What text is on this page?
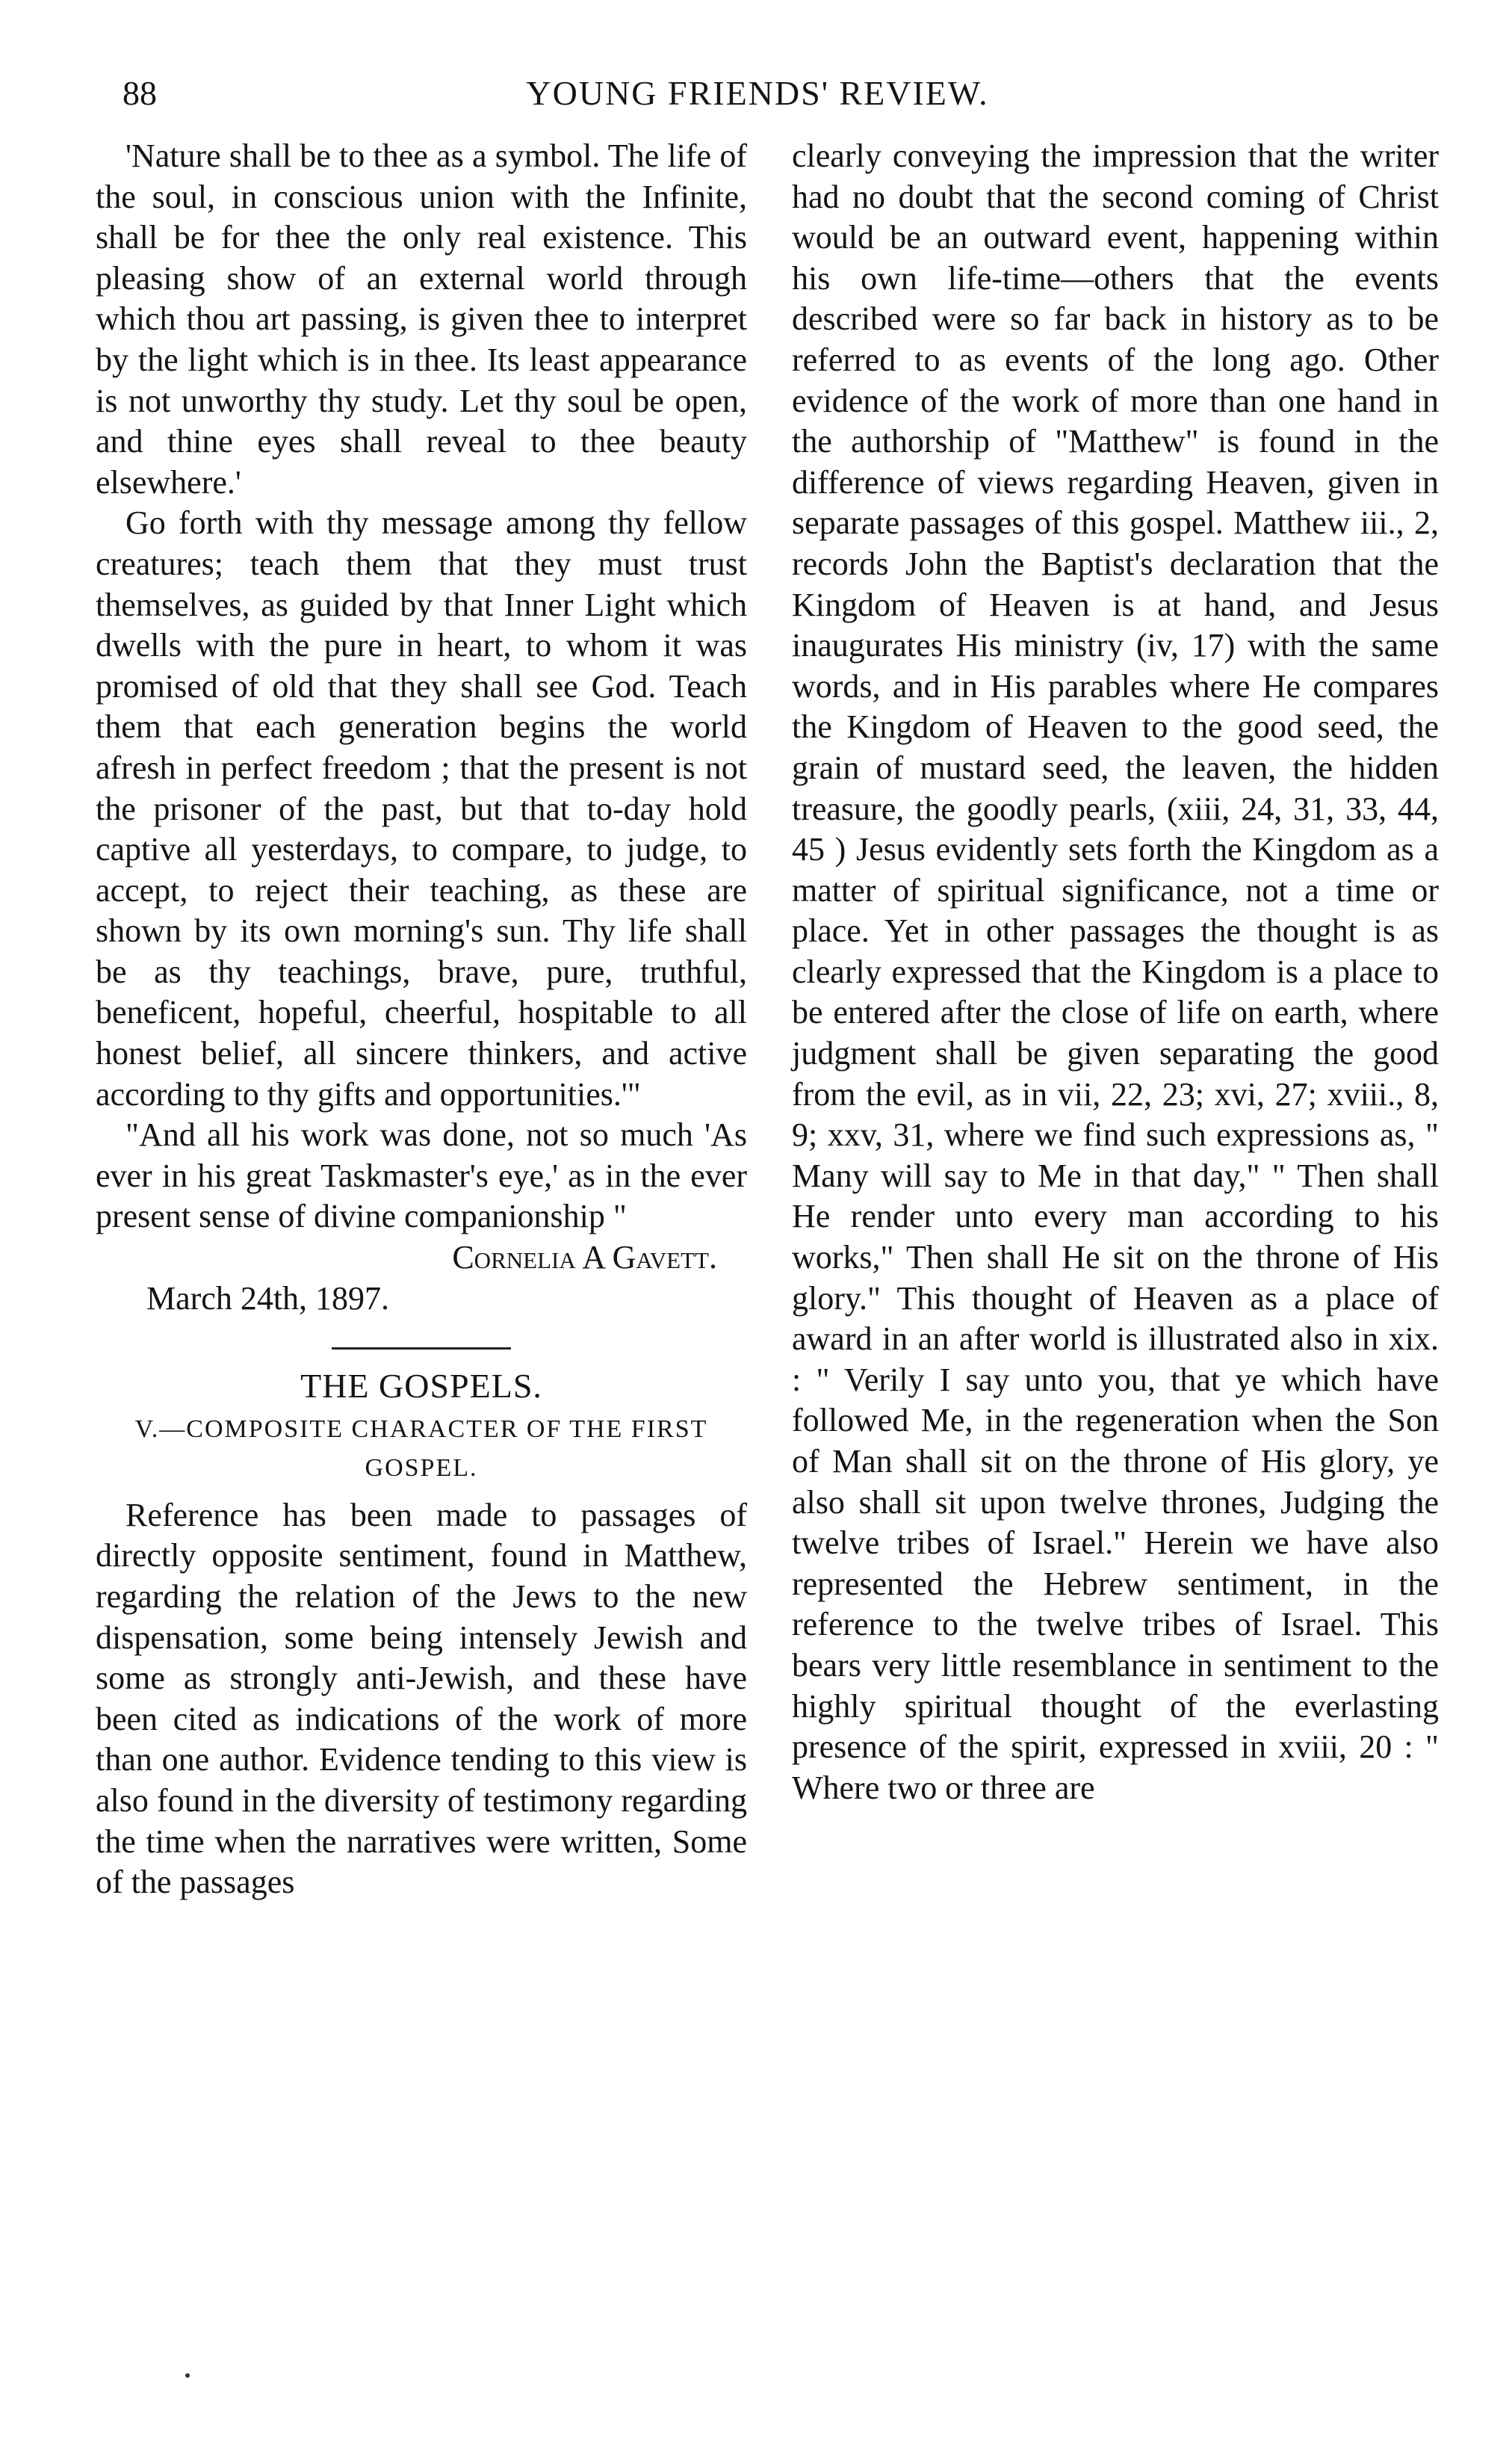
88	YOUNG FRIENDS' REVIEW.

'Nature shall be to thee as a symbol. The life of the soul, in conscious union with the Infinite, shall be for thee the only real existence. This pleasing show of an external world through which thou art passing, is given thee to interpret by the light which is in thee. Its least appearance is not unworthy thy study. Let thy soul be open, and thine eyes shall reveal to thee beauty elsewhere.'

Go forth with thy message among thy fellow creatures; teach them that they must trust themselves, as guided by that Inner Light which dwells with the pure in heart, to whom it was promised of old that they shall see God. Teach them that each generation begins the world afresh in perfect freedom ; that the present is not the prisoner of the past, but that to-day hold captive all yesterdays, to compare, to judge, to accept, to reject their teaching, as these are shown by its own morning's sun. Thy life shall be as thy teachings, brave, pure, truthful, beneficent, hopeful, cheerful, hospitable to all honest belief, all sincere thinkers, and active according to thy gifts and opportunities.'"

"And all his work was done, not so much 'As ever in his great Taskmaster's eye,' as in the ever present sense of divine companionship "

Cornelia A Gavett.

March 24th, 1897.

THE GOSPELS.
V.—COMPOSITE CHARACTER OF THE FIRST GOSPEL.

Reference has been made to passages of directly opposite sentiment, found in Matthew, regarding the relation of the Jews to the new dispensation, some being intensely Jewish and some as strongly anti-Jewish, and these have been cited as indications of the work of more than one author. Evidence tending to this view is also found in the diversity of testimony regarding the time when the narratives were written, Some of the passages

clearly conveying the impression that the writer had no doubt that the second coming of Christ would be an outward event, happening within his own life-time—others that the events described were so far back in history as to be referred to as events of the long ago. Other evidence of the work of more than one hand in the authorship of "Matthew" is found in the difference of views regarding Heaven, given in separate passages of this gospel. Matthew iii., 2, records John the Baptist's declaration that the Kingdom of Heaven is at hand, and Jesus inaugurates His ministry (iv, 17) with the same words, and in His parables where He compares the Kingdom of Heaven to the good seed, the grain of mustard seed, the leaven, the hidden treasure, the goodly pearls, (xiii, 24, 31, 33, 44, 45 ) Jesus evidently sets forth the Kingdom as a matter of spiritual significance, not a time or place. Yet in other passages the thought is as clearly expressed that the Kingdom is a place to be entered after the close of life on earth, where judgment shall be given separating the good from the evil, as in vii, 22, 23; xvi, 27; xviii., 8, 9; xxv, 31, where we find such expressions as, " Many will say to Me in that day," " Then shall He render unto every man according to his works," Then shall He sit on the throne of His glory." This thought of Heaven as a place of award in an after world is illustrated also in xix. : " Verily I say unto you, that ye which have followed Me, in the regeneration when the Son of Man shall sit on the throne of His glory, ye also shall sit upon twelve thrones, Judging the twelve tribes of Israel." Herein we have also represented the Hebrew sentiment, in the reference to the twelve tribes of Israel. This bears very little resemblance in sentiment to the highly spiritual thought of the everlasting presence of the spirit, expressed in xviii, 20 : " Where two or three are
